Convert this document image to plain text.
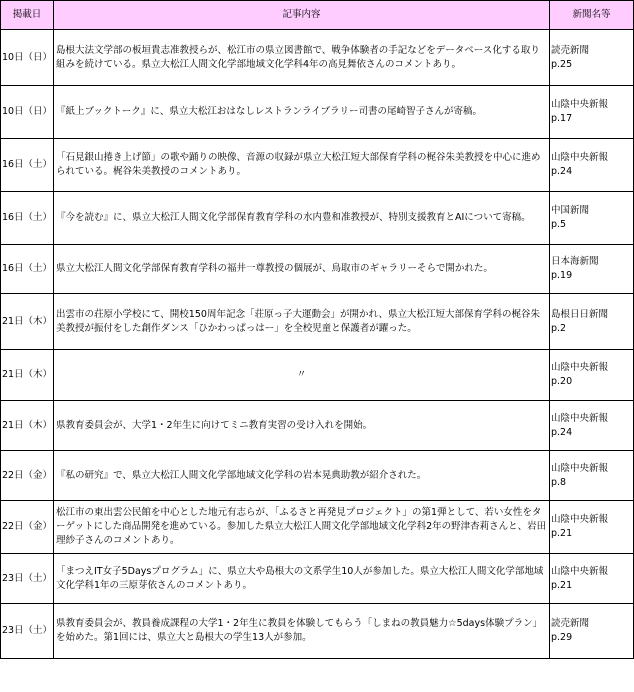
掲載日	記事内容	新聞名等
10日（日）	島根大法文学部の板垣貴志准教授らが、松江市の県立図書館で、戦争体験者の手記などをデータベース化する取り組みを続けている。県立大松江人間文化学部地域文化学科4年の高見舞依さんのコメントあり。	読売新聞
p.25

10日（日）	『紙上ブックトーク』に、県立大松江おはなしレストランライブラリー司書の尾崎智子さんが寄稿。	山陰中央新報
p.17

16日（土）	「石見銀山捲き上げ節」の歌や踊りの映像、音源の収録が県立大松江短大部保育学科の梶谷朱美教授を中心に進められている。梶谷朱美教授のコメントあり。	山陰中央新報
p.24

16日（土）	『今を読む』に、県立大松江人間文化学部保育教育学科の水内豊和准教授が、特別支援教育とAIについて寄稿。	中国新聞
p.5

16日（土）	県立大松江人間文化学部保育教育学科の福井一尊教授の個展が、鳥取市のギャラリーそらで開かれた。	日本海新聞
p.19

21日（木）	出雲市の荘原小学校にて、開校150周年記念「荘原っ子大運動会」が開かれ、県立大松江短大部保育学科の梶谷朱美教授が振付をした創作ダンス「ひかわっぱっはー」を全校児童と保護者が躍った。	島根日日新聞
p.2

21日（木）	〃	山陰中央新報
p.20

21日（木）	県教育委員会が、大学1・2年生に向けてミニ教育実習の受け入れを開始。	山陰中央新報
p.24

22日（金）	『私の研究』で、県立大松江人間文化学部地域文化学科の岩本晃典助教が紹介された。	山陰中央新報
p.8

22日（金）	松江市の東出雲公民館を中心とした地元有志らが、「ふるさと再発見プロジェクト」の第1弾として、若い女性をターゲットにした商品開発を進めている。参加した県立大松江人間文化学部地域文化学科2年の野津杏莉さんと、岩田理紗子さんのコメントあり。	山陰中央新報
p.21

23日（土）	「まつえIT女子5Daysプログラム」に、県立大や島根大の文系学生10人が参加した。県立大松江人間文化学部地域文化学科1年の三原芽依さんのコメントあり。	山陰中央新報
p.21

23日（土）	県教育委員会が、教員養成課程の大学1・2年生に教員を体験してもらう「しまねの教員魅力☆5days体験プラン」を始めた。第1回には、県立大と島根大の学生13人が参加。	読売新聞
p.29
